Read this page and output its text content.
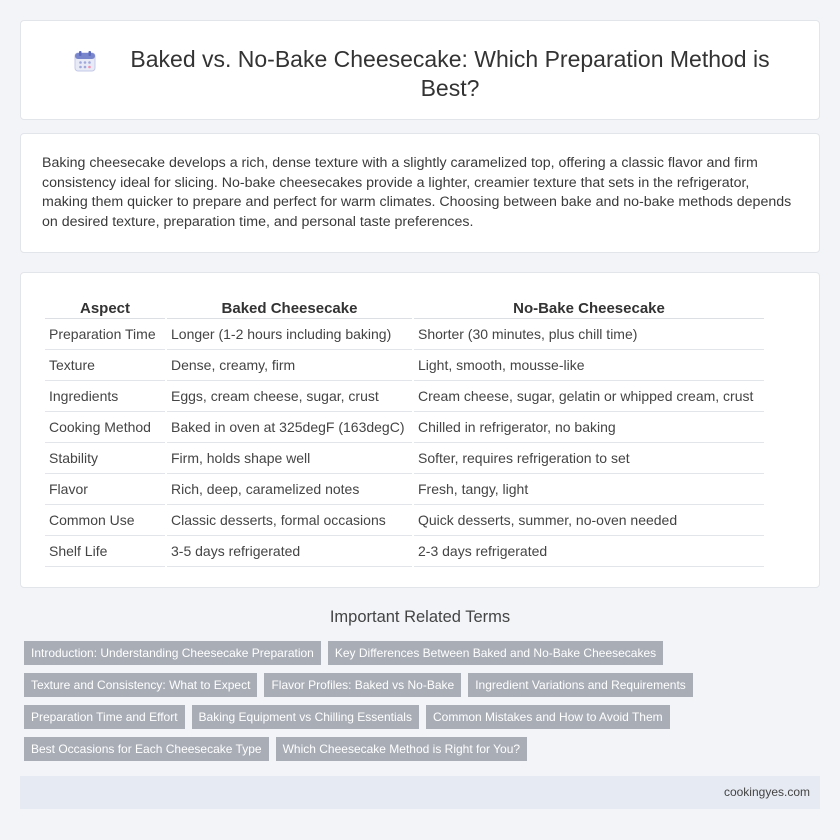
Baked vs. No-Bake Cheesecake: Which Preparation Method is Best?

Baking cheesecake develops a rich, dense texture with a slightly caramelized top, offering a classic flavor and firm consistency ideal for slicing. No-bake cheesecakes provide a lighter, creamier texture that sets in the refrigerator, making them quicker to prepare and perfect for warm climates. Choosing between bake and no-bake methods depends on desired texture, preparation time, and personal taste preferences.

Aspect	Baked Cheesecake	No-Bake Cheesecake
Preparation Time	Longer (1-2 hours including baking)	Shorter (30 minutes, plus chill time)
Texture	Dense, creamy, firm	Light, smooth, mousse-like
Ingredients	Eggs, cream cheese, sugar, crust	Cream cheese, sugar, gelatin or whipped cream, crust
Cooking Method	Baked in oven at 325degF (163degC)	Chilled in refrigerator, no baking
Stability	Firm, holds shape well	Softer, requires refrigeration to set
Flavor	Rich, deep, caramelized notes	Fresh, tangy, light
Common Use	Classic desserts, formal occasions	Quick desserts, summer, no-oven needed
Shelf Life	3-5 days refrigerated	2-3 days refrigerated
Important Related Terms
Introduction: Understanding Cheesecake Preparation	Key Differences Between Baked and No-Bake Cheesecakes
Texture and Consistency: What to Expect	Flavor Profiles: Baked vs No-Bake	Ingredient Variations and Requirements
Preparation Time and Effort	Baking Equipment vs Chilling Essentials	Common Mistakes and How to Avoid Them
Best Occasions for Each Cheesecake Type	Which Cheesecake Method is Right for You?
cookingyes.com
